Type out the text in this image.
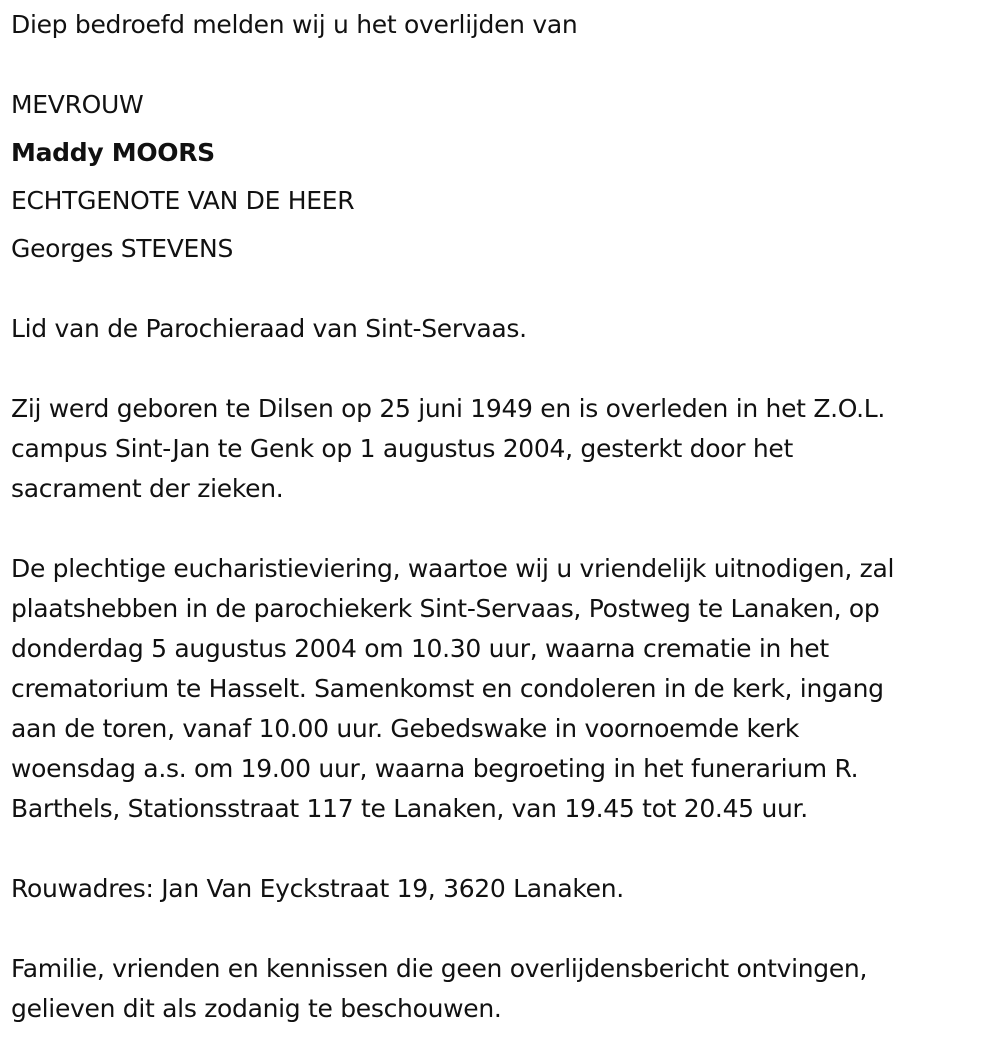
Diep bedroefd melden wij u het overlijden van
MEVROUW
Maddy MOORS
ECHTGENOTE VAN DE HEER
Georges STEVENS
Lid van de Parochieraad van Sint-Servaas.
Zij werd geboren te Dilsen op 25 juni 1949 en is overleden in het Z.O.L.
campus Sint-Jan te Genk op 1 augustus 2004, gesterkt door het
sacrament der zieken.
De plechtige eucharistieviering, waartoe wij u vriendelijk uitnodigen, zal
plaatshebben in de parochiekerk Sint-Servaas, Postweg te Lanaken, op
donderdag 5 augustus 2004 om 10.30 uur, waarna crematie in het
crematorium te Hasselt. Samenkomst en condoleren in de kerk, ingang
aan de toren, vanaf 10.00 uur. Gebedswake in voornoemde kerk
woensdag a.s. om 19.00 uur, waarna begroeting in het funerarium R.
Barthels, Stationsstraat 117 te Lanaken, van 19.45 tot 20.45 uur.
Rouwadres: Jan Van Eyckstraat 19, 3620 Lanaken.
Familie, vrienden en kennissen die geen overlijdensbericht ontvingen,
gelieven dit als zodanig te beschouwen.
